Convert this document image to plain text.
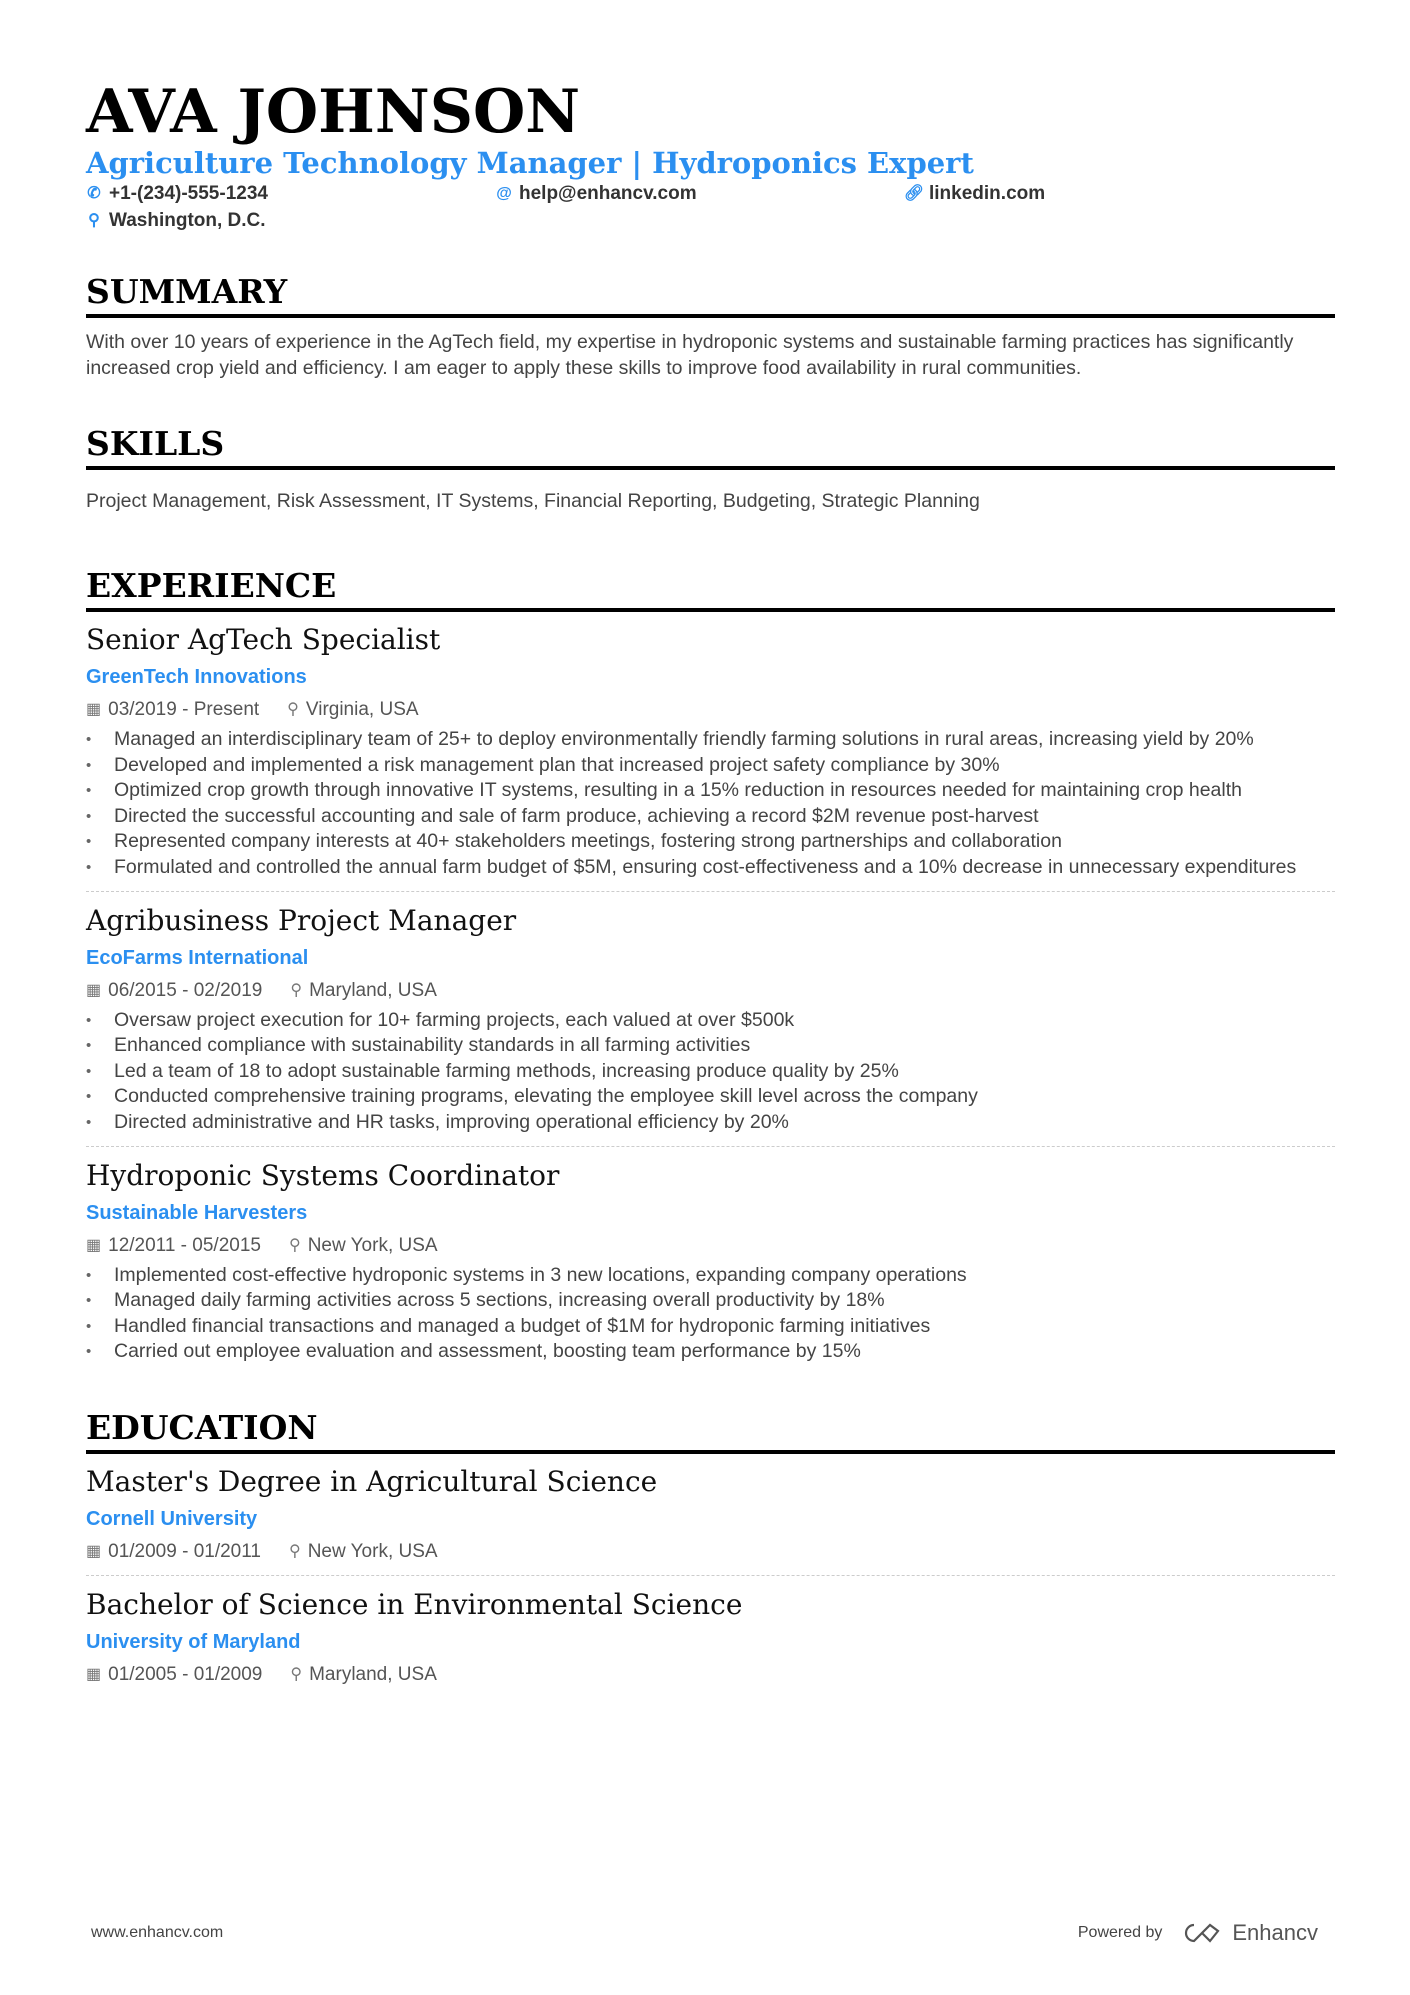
AVA JOHNSON
Agriculture Technology Manager | Hydroponics Expert
✆ +1-(234)-555-1234	@ help@enhancv.com	🔗︎ linkedin.com
⚲ Washington, D.C.
SUMMARY
With over 10 years of experience in the AgTech field, my expertise in hydroponic systems and sustainable farming practices has significantly increased crop yield and efficiency. I am eager to apply these skills to improve food availability in rural communities.
SKILLS
Project Management, Risk Assessment, IT Systems, Financial Reporting, Budgeting, Strategic Planning
EXPERIENCE
Senior AgTech Specialist
GreenTech Innovations
▦ 03/2019 - Present ⚲ Virginia, USA
• Managed an interdisciplinary team of 25+ to deploy environmentally friendly farming solutions in rural areas, increasing yield by 20%
• Developed and implemented a risk management plan that increased project safety compliance by 30%
• Optimized crop growth through innovative IT systems, resulting in a 15% reduction in resources needed for maintaining crop health
• Directed the successful accounting and sale of farm produce, achieving a record $2M revenue post-harvest
• Represented company interests at 40+ stakeholders meetings, fostering strong partnerships and collaboration
• Formulated and controlled the annual farm budget of $5M, ensuring cost-effectiveness and a 10% decrease in unnecessary expenditures
Agribusiness Project Manager
EcoFarms International
▦ 06/2015 - 02/2019 ⚲ Maryland, USA
• Oversaw project execution for 10+ farming projects, each valued at over $500k
• Enhanced compliance with sustainability standards in all farming activities
• Led a team of 18 to adopt sustainable farming methods, increasing produce quality by 25%
• Conducted comprehensive training programs, elevating the employee skill level across the company
• Directed administrative and HR tasks, improving operational efficiency by 20%
Hydroponic Systems Coordinator
Sustainable Harvesters
▦ 12/2011 - 05/2015 ⚲ New York, USA
• Implemented cost-effective hydroponic systems in 3 new locations, expanding company operations
• Managed daily farming activities across 5 sections, increasing overall productivity by 18%
• Handled financial transactions and managed a budget of $1M for hydroponic farming initiatives
• Carried out employee evaluation and assessment, boosting team performance by 15%
EDUCATION
Master's Degree in Agricultural Science
Cornell University
▦ 01/2009 - 01/2011 ⚲ New York, USA
Bachelor of Science in Environmental Science
University of Maryland
▦ 01/2005 - 01/2009 ⚲ Maryland, USA
www.enhancv.com	Powered by	Enhancv
